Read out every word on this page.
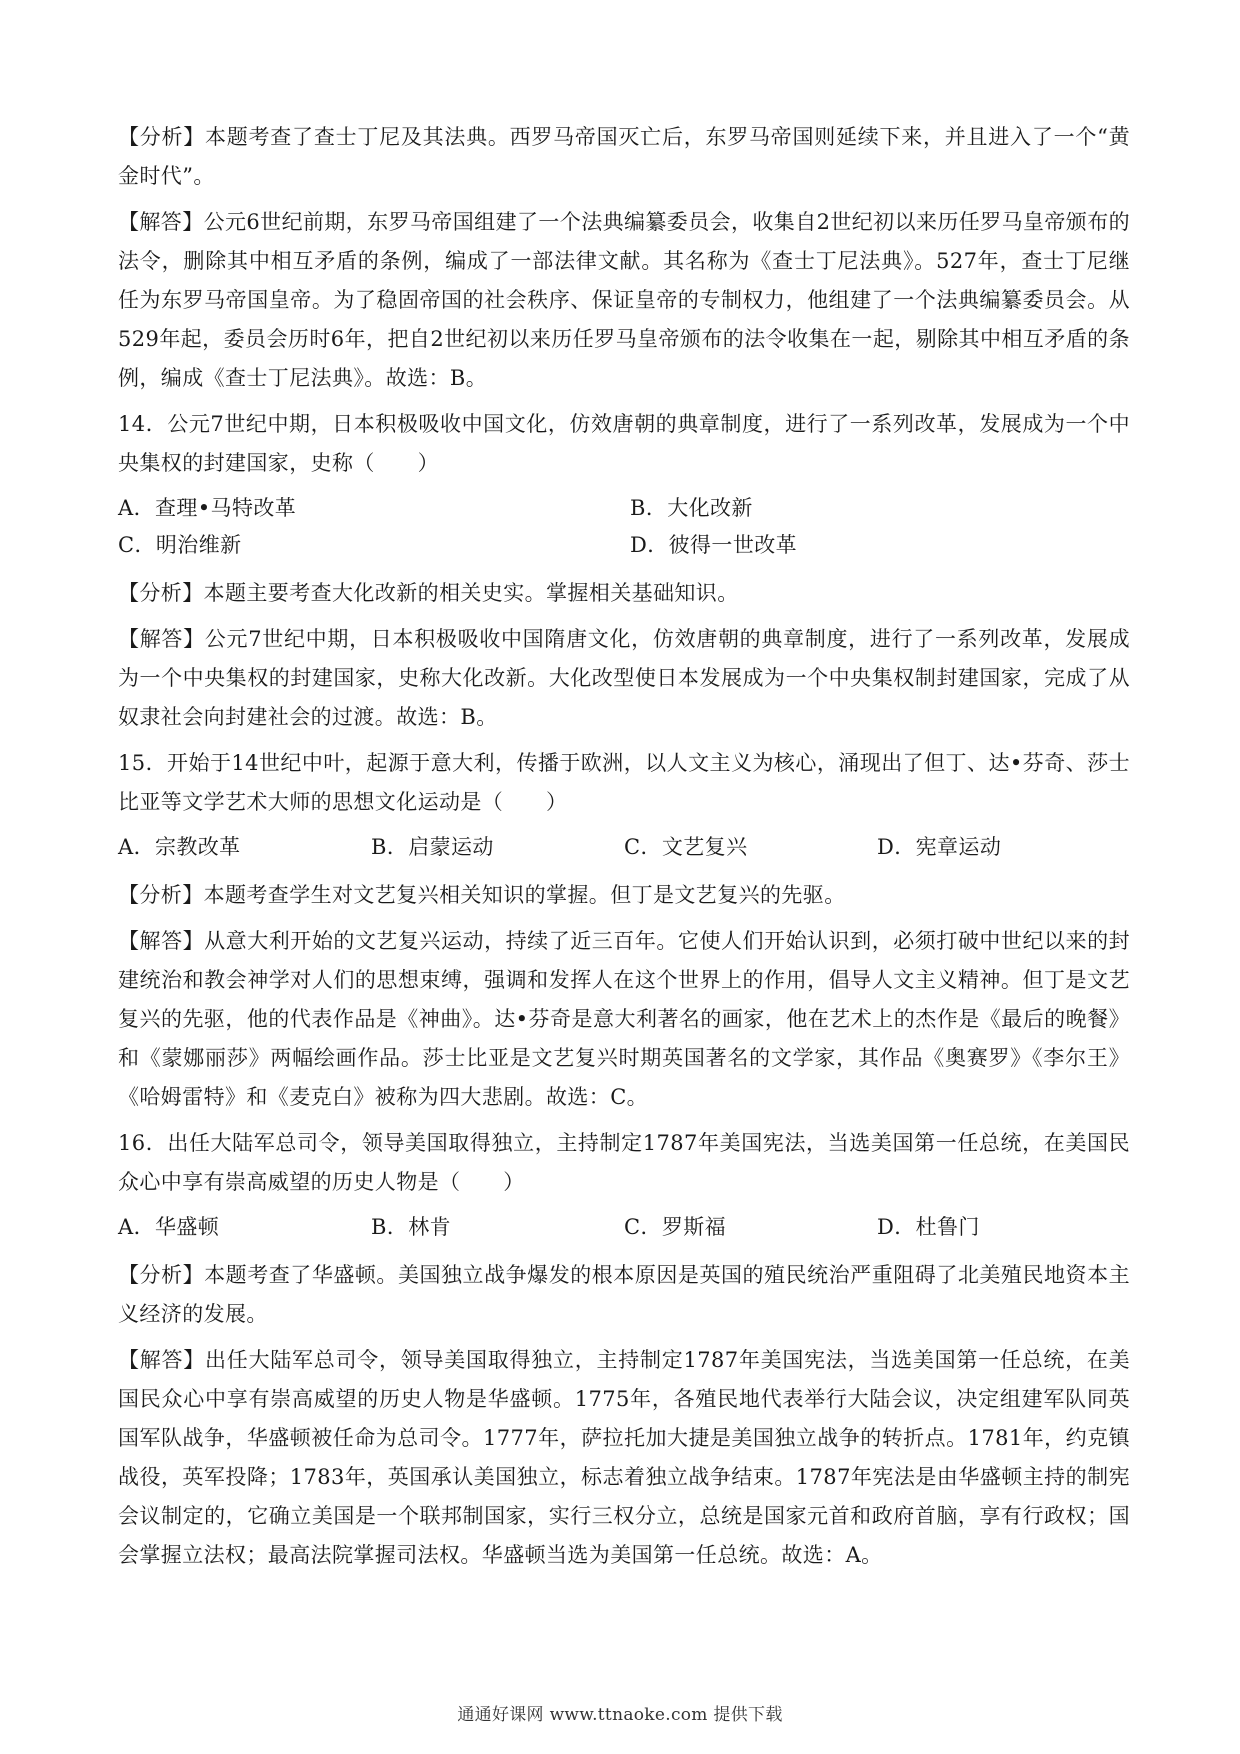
【分析】本题考查了查士丁尼及其法典。西罗马帝国灭亡后，东罗马帝国则延续下来，并且进入了一个“黄金时代”。

【解答】公元6世纪前期，东罗马帝国组建了一个法典编纂委员会，收集自2世纪初以来历任罗马皇帝颁布的法令，删除其中相互矛盾的条例，编成了一部法律文献。其名称为《查士丁尼法典》。527年，查士丁尼继任为东罗马帝国皇帝。为了稳固帝国的社会秩序、保证皇帝的专制权力，他组建了一个法典编纂委员会。从529年起，委员会历时6年，把自2世纪初以来历任罗马皇帝颁布的法令收集在一起，剔除其中相互矛盾的条例，编成《查士丁尼法典》。故选：B。

14．公元7世纪中期，日本积极吸收中国文化，仿效唐朝的典章制度，进行了一系列改革，发展成为一个中央集权的封建国家，史称（　　）

A．查理•马特改革	B．大化改新
C．明治维新	D．彼得一世改革

【分析】本题主要考查大化改新的相关史实。掌握相关基础知识。

【解答】公元7世纪中期，日本积极吸收中国隋唐文化，仿效唐朝的典章制度，进行了一系列改革，发展成为一个中央集权的封建国家，史称大化改新。大化改型使日本发展成为一个中央集权制封建国家，完成了从奴隶社会向封建社会的过渡。故选：B。

15．开始于14世纪中叶，起源于意大利，传播于欧洲，以人文主义为核心，涌现出了但丁、达•芬奇、莎士比亚等文学艺术大师的思想文化运动是（　　）

A．宗教改革	B．启蒙运动	C．文艺复兴	D．宪章运动

【分析】本题考查学生对文艺复兴相关知识的掌握。但丁是文艺复兴的先驱。

【解答】从意大利开始的文艺复兴运动，持续了近三百年。它使人们开始认识到，必须打破中世纪以来的封建统治和教会神学对人们的思想束缚，强调和发挥人在这个世界上的作用，倡导人文主义精神。但丁是文艺复兴的先驱，他的代表作品是《神曲》。达•芬奇是意大利著名的画家，他在艺术上的杰作是《最后的晚餐》和《蒙娜丽莎》两幅绘画作品。莎士比亚是文艺复兴时期英国著名的文学家，其作品《奥赛罗》《李尔王》《哈姆雷特》和《麦克白》被称为四大悲剧。故选：C。

16．出任大陆军总司令，领导美国取得独立，主持制定1787年美国宪法，当选美国第一任总统，在美国民众心中享有崇高威望的历史人物是（　　）

A．华盛顿	B．林肯	C．罗斯福	D．杜鲁门

【分析】本题考查了华盛顿。美国独立战争爆发的根本原因是英国的殖民统治严重阻碍了北美殖民地资本主义经济的发展。

【解答】出任大陆军总司令，领导美国取得独立，主持制定1787年美国宪法，当选美国第一任总统，在美国民众心中享有崇高威望的历史人物是华盛顿。1775年，各殖民地代表举行大陆会议，决定组建军队同英国军队战争，华盛顿被任命为总司令。1777年，萨拉托加大捷是美国独立战争的转折点。1781年，约克镇战役，英军投降；1783年，英国承认美国独立，标志着独立战争结束。1787年宪法是由华盛顿主持的制宪会议制定的，它确立美国是一个联邦制国家，实行三权分立，总统是国家元首和政府首脑，享有行政权；国会掌握立法权；最高法院掌握司法权。华盛顿当选为美国第一任总统。故选：A。

通通好课网 www.ttnaoke.com 提供下载
